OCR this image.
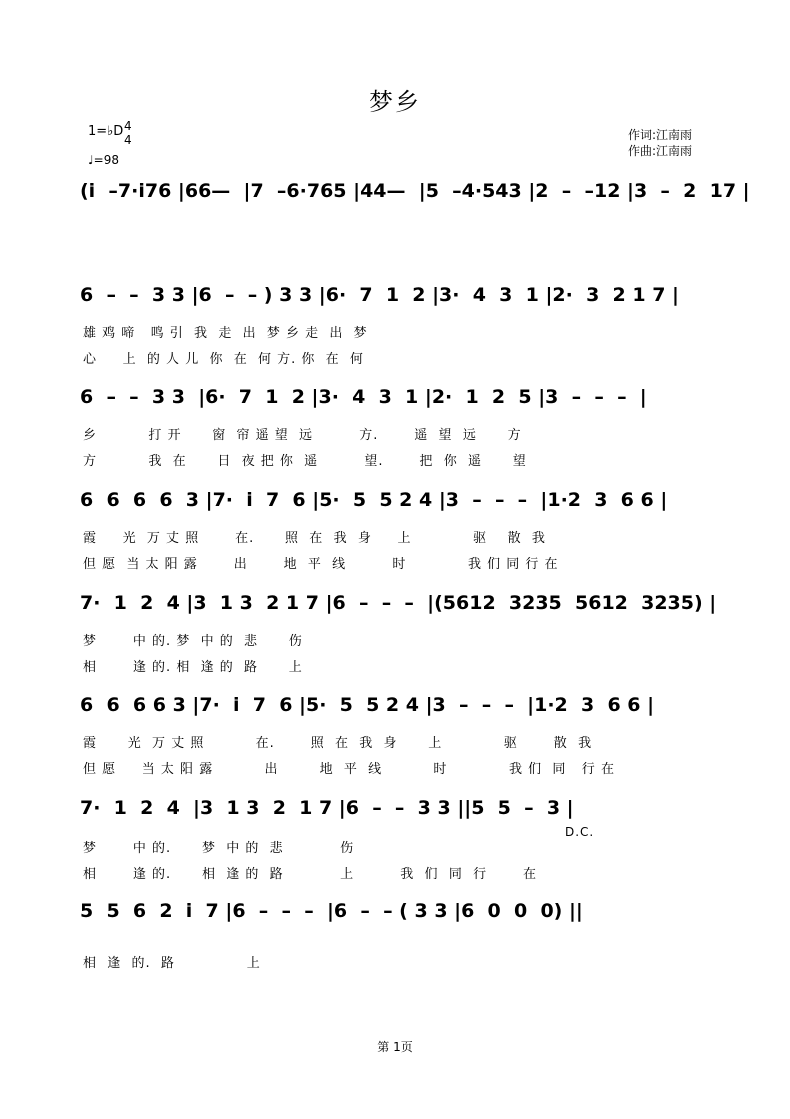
梦乡
1=♭D 4
4
♩=98
作词:江南雨
作曲:江南雨
(i  –7·i76 |66—  |7  –6·765 |44—  |5  –4·543 |2  –  –12 |3  –  2  17 |
6  –  –  3 3 |6  –  – ) 3 3 |6·  7  1  2 |3·  4  3  1 |2·  3  2 1 7 |
雄 鸡 啼   鸣 引  我  走  出  梦 乡 走  出  梦
心     上  的 人 儿  你  在  何 方. 你  在  何
6  –  –  3 3  |6·  7  1  2 |3·  4  3  1 |2·  1  2  5 |3  –  –  –  |
乡          打 开      窗  帘 遥 望  远         方.       遥  望  远      方
方          我  在      日  夜 把 你  遥         望.       把  你  遥      望
6  6  6  6  3 |7·  i  7  6 |5·  5  5 2 4 |3  –  –  –  |1·2  3  6 6 |
霞     光  万 丈 照       在.      照  在  我  身     上            驱    散  我
但 愿  当 太 阳 露       出       地  平  线         时            我 们 同 行 在
7·  1  2  4 |3  1 3  2 1 7 |6  –  –  –  |(5612  3235  5612  3235) |
梦       中 的. 梦  中 的  悲      伤
相       逢 的. 相  逢 的  路      上
6  6  6 6 3 |7·  i  7  6 |5·  5  5 2 4 |3  –  –  –  |1·2  3  6 6 |
霞      光  万 丈 照          在.       照  在  我  身      上            驱       散  我
但 愿     当 太 阳 露          出        地  平  线          时            我 们  同   行 在
7·  1  2  4  |3  1 3  2  1 7 |6  –  –  3 3 ||5  5  –  3 |
D.C.
梦       中 的.      梦  中 的  悲           伤
相       逢 的.      相  逢 的  路           上         我  们  同  行       在
5  5  6  2  i  7 |6  –  –  –  |6  –  – ( 3 3 |6  0  0  0) ||
相  逢  的.  路              上
第 1页
